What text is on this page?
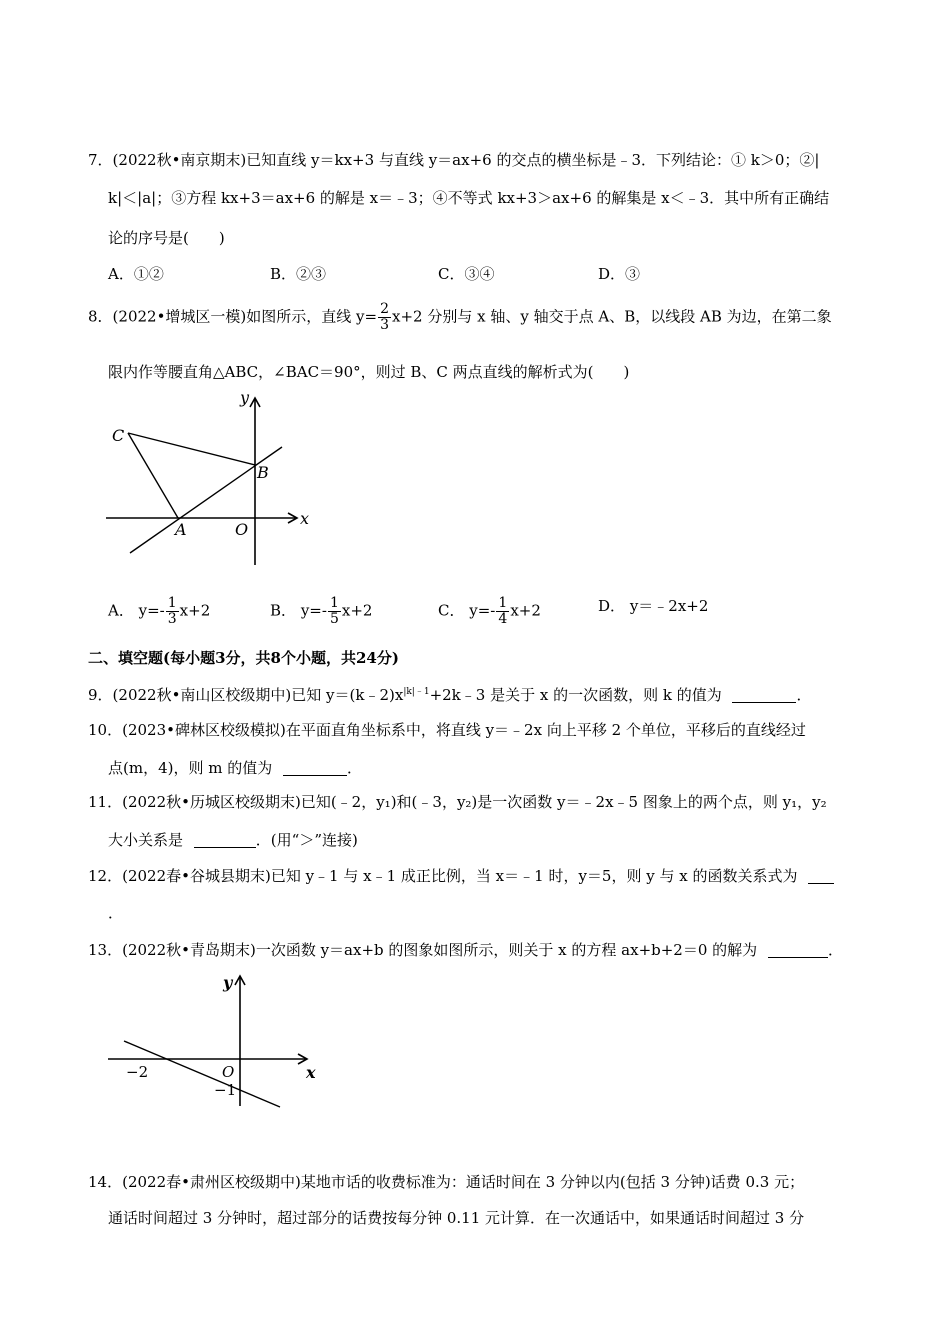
7．(2022秋•南京期末)已知直线 y＝kx+3 与直线 y＝ax+6 的交点的横坐标是﹣3．下列结论：① k＞0；②|
k|＜|a|；③方程 kx+3＝ax+6 的解是 x＝﹣3；④不等式 kx+3＞ax+6 的解集是 x＜﹣3．其中所有正确结
论的序号是(　　)
A．①②	B．②③	C．③④	D．③
8．(2022•增城区一模)如图所示，直线 $y= \frac{2}{3} x+2$ 分别与 x 轴、y 轴交于点 A、B，以线段 AB 为边，在第二象
限内作等腰直角△ABC，∠BAC＝90°，则过 B、C 两点直线的解析式为(　　)
y
x
C
B
A	O
A． $y=- \frac{1}{3} x+2$	B． $y=- \frac{1}{5} x+2$	C． $y=- \frac{1}{4} x+2$	D． y＝﹣2x+2
二、填空题(每小题3分，共8个小题，共24分)
9．(2022秋•南山区校级期中)已知 $y=(k﹣2)x^{|k|﹣1}+2k﹣3$ 是关于 x 的一次函数，则 k 的值为	．
10．(2023•碑林区校级模拟)在平面直角坐标系中，将直线 y＝﹣2x 向上平移 2 个单位，平移后的直线经过
点(m，4)，则 m 的值为	．
11．(2022秋•历城区校级期末)已知(﹣2，y₁)和(﹣3，y₂)是一次函数 y＝﹣2x﹣5 图象上的两个点，则 y₁，y₂
大小关系是	．(用“＞”连接)
12．(2022春•谷城县期末)已知 y﹣1 与 x﹣1 成正比例，当 x＝﹣1 时，y＝5，则 y 与 x 的函数关系式为
．
13．(2022秋•青岛期末)一次函数 y＝ax+b 的图象如图所示，则关于 x 的方程 ax+b+2＝0 的解为	．
y
x
O
−2
−1
14．(2022春•肃州区校级期中)某地市话的收费标准为：通话时间在 3 分钟以内(包括 3 分钟)话费 0.3 元；
通话时间超过 3 分钟时，超过部分的话费按每分钟 0.11 元计算．在一次通话中，如果通话时间超过 3 分
